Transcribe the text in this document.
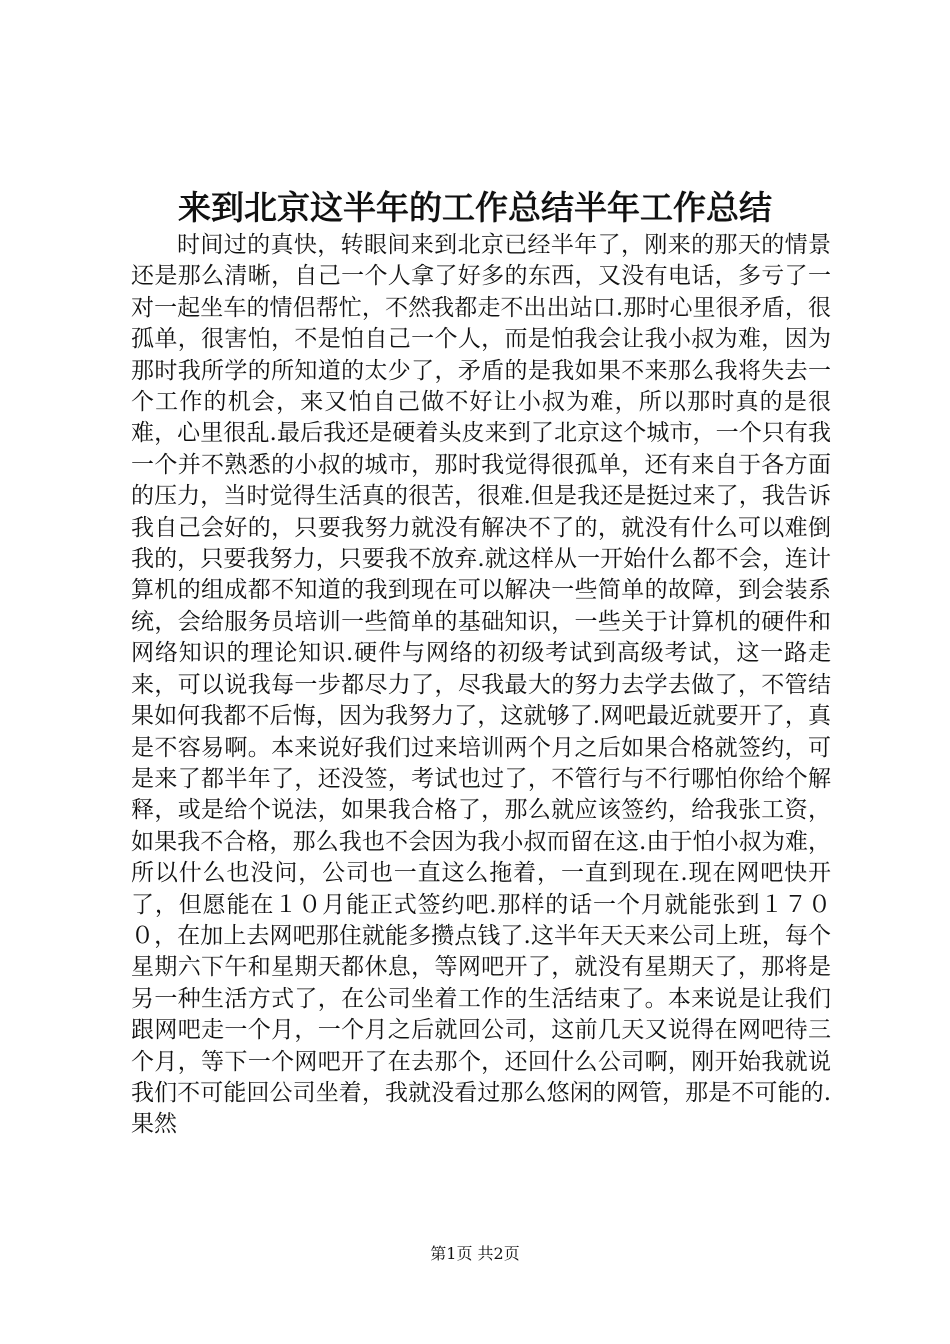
来到北京这半年的工作总结半年工作总结

时间过的真快，转眼间来到北京已经半年了，刚来的那天的情景还是那么清晰，自己一个人拿了好多的东西，又没有电话，多亏了一对一起坐车的情侣帮忙，不然我都走不出出站口.那时心里很矛盾，很孤单，很害怕，不是怕自己一个人，而是怕我会让我小叔为难，因为那时我所学的所知道的太少了，矛盾的是我如果不来那么我将失去一个工作的机会，来又怕自己做不好让小叔为难，所以那时真的是很难，心里很乱.最后我还是硬着头皮来到了北京这个城市，一个只有我一个并不熟悉的小叔的城市，那时我觉得很孤单，还有来自于各方面的压力，当时觉得生活真的很苦，很难.但是我还是挺过来了，我告诉我自己会好的，只要我努力就没有解决不了的，就没有什么可以难倒我的，只要我努力，只要我不放弃.就这样从一开始什么都不会，连计算机的组成都不知道的我到现在可以解决一些简单的故障，到会装系统，会给服务员培训一些简单的基础知识，一些关于计算机的硬件和网络知识的理论知识.硬件与网络的初级考试到高级考试，这一路走来，可以说我每一步都尽力了，尽我最大的努力去学去做了，不管结果如何我都不后悔，因为我努力了，这就够了.网吧最近就要开了，真是不容易啊。本来说好我们过来培训两个月之后如果合格就签约，可是来了都半年了，还没签，考试也过了，不管行与不行哪怕你给个解释，或是给个说法，如果我合格了，那么就应该签约，给我张工资，如果我不合格，那么我也不会因为我小叔而留在这.由于怕小叔为难，所以什么也没问，公司也一直这么拖着，一直到现在.现在网吧快开了，但愿能在１０月能正式签约吧.那样的话一个月就能张到１７００，在加上去网吧那住就能多攒点钱了.这半年天天来公司上班，每个星期六下午和星期天都休息，等网吧开了，就没有星期天了，那将是另一种生活方式了，在公司坐着工作的生活结束了。本来说是让我们跟网吧走一个月，一个月之后就回公司，这前几天又说得在网吧待三个月，等下一个网吧开了在去那个，还回什么公司啊，刚开始我就说我们不可能回公司坐着，我就没看过那么悠闲的网管，那是不可能的.果然

第1页 共2页
